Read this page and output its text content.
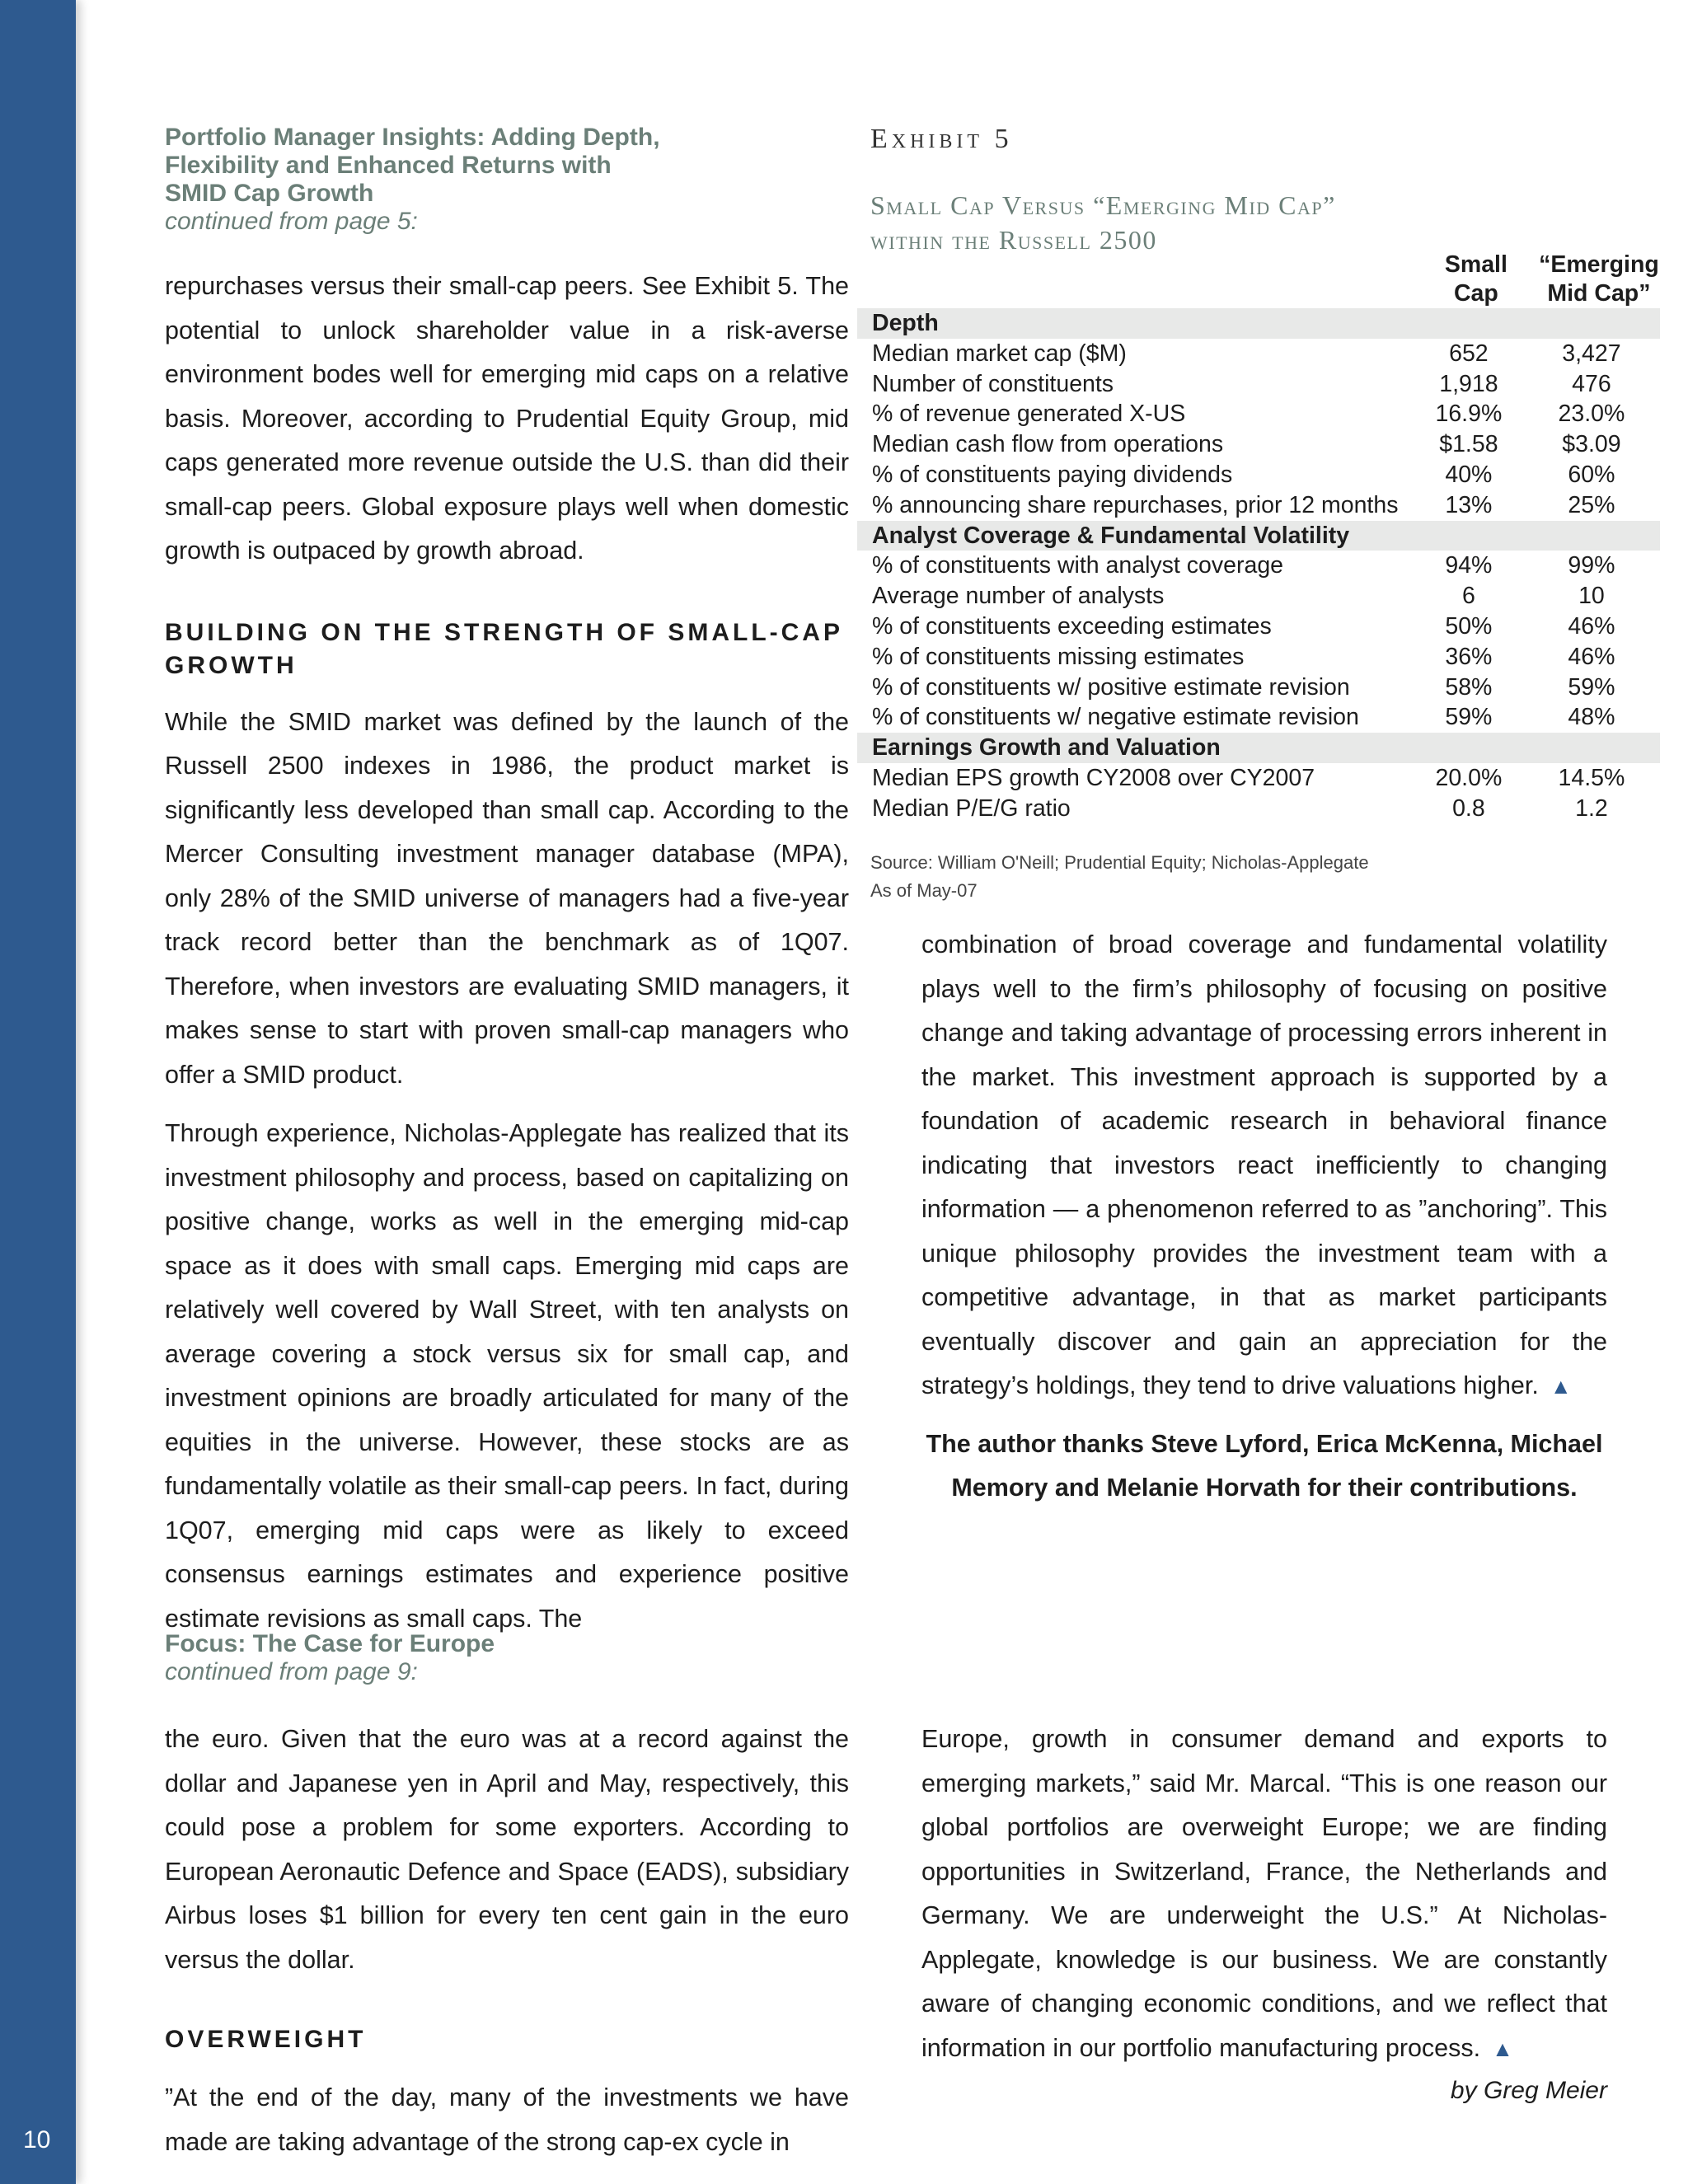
10
Portfolio Manager Insights: Adding Depth,
Flexibility and Enhanced Returns with
SMID Cap Growth
continued from page 5:

repurchases versus their small-cap peers. See Exhibit 5. The potential to unlock shareholder value in a risk-averse environment bodes well for emerging mid caps on a relative basis. Moreover, according to Prudential Equity Group, mid caps generated more revenue outside the U.S. than did their small-cap peers. Global exposure plays well when domestic growth is outpaced by growth abroad.

BUILDING ON THE STRENGTH OF SMALL-CAP
GROWTH

While the SMID market was defined by the launch of the Russell 2500 indexes in 1986, the product market is significantly less developed than small cap. According to the Mercer Consulting investment manager database (MPA), only 28% of the SMID universe of managers had a five-year track record better than the benchmark as of 1Q07. Therefore, when investors are evaluating SMID managers, it makes sense to start with proven small-cap managers who offer a SMID product.

Through experience, Nicholas-Applegate has realized that its investment philosophy and process, based on capitalizing on positive change, works as well in the emerging mid-cap space as it does with small caps. Emerging mid caps are relatively well covered by Wall Street, with ten analysts on average covering a stock versus six for small cap, and investment opinions are broadly articulated for many of the equities in the universe. However, these stocks are as fundamentally volatile as their small-cap peers. In fact, during 1Q07, emerging mid caps were as likely to exceed consensus earnings estimates and experience positive estimate revisions as small caps. The

Exhibit 5
Small Cap Versus “Emerging Mid Cap”
within the Russell 2500
	Small
Cap	“Emerging
Mid Cap”
Depth		
Median market cap ($M)	652	3,427
Number of constituents	1,918	476
% of revenue generated X-US	16.9%	23.0%
Median cash flow from operations	$1.58	$3.09
% of constituents paying dividends	40%	60%
% announcing share repurchases, prior 12 months	13%	25%
Analyst Coverage & Fundamental Volatility		
% of constituents with analyst coverage	94%	99%
Average number of analysts	6	10
% of constituents exceeding estimates	50%	46%
% of constituents missing estimates	36%	46%
% of constituents w/ positive estimate revision	58%	59%
% of constituents w/ negative estimate revision	59%	48%
Earnings Growth and Valuation		
Median EPS growth CY2008 over CY2007	20.0%	14.5%
Median P/E/G ratio	0.8	1.2
Source: William O'Neill; Prudential Equity; Nicholas-Applegate
As of May-07

combination of broad coverage and fundamental volatility plays well to the firm’s philosophy of focusing on positive change and taking advantage of processing errors inherent in the market. This investment approach is supported by a foundation of academic research in behavioral finance indicating that investors react inefficiently to changing information — a phenomenon referred to as ”anchoring”. This unique philosophy provides the investment team with a competitive advantage, in that as market participants eventually discover and gain an appreciation for the strategy’s holdings, they tend to drive valuations higher. ▲

The author thanks Steve Lyford, Erica McKenna, Michael Memory and Melanie Horvath for their contributions.
Focus: The Case for Europe
continued from page 9:

the euro. Given that the euro was at a record against the dollar and Japanese yen in April and May, respectively, this could pose a problem for some exporters. According to European Aeronautic Defence and Space (EADS), subsidiary Airbus loses $1 billion for every ten cent gain in the euro versus the dollar.

OVERWEIGHT

”At the end of the day, many of the investments we have made are taking advantage of the strong cap-ex cycle in

Europe, growth in consumer demand and exports to emerging markets,” said Mr. Marcal. “This is one reason our global portfolios are overweight Europe; we are finding opportunities in Switzerland, France, the Netherlands and Germany. We are underweight the U.S.” At Nicholas-Applegate, knowledge is our business. We are constantly aware of changing economic conditions, and we reflect that information in our portfolio manufacturing process. ▲

by Greg Meier
